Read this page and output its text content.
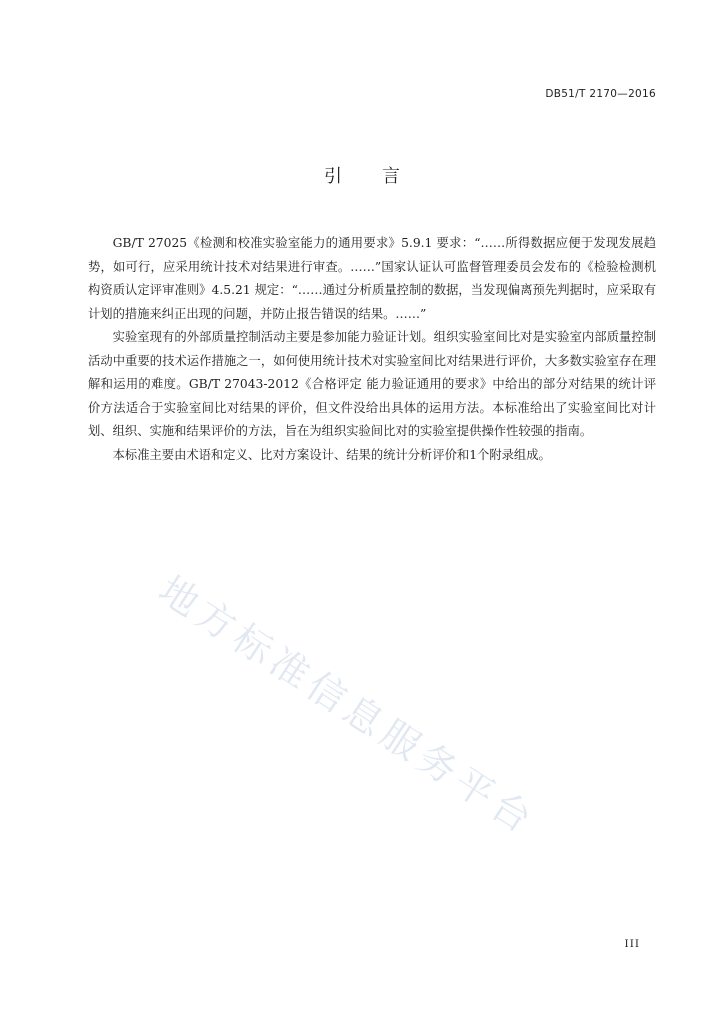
DB51/T 2170—2016
引 言

GB/T 27025《检测和校准实验室能力的通用要求》5.9.1 要求：“……所得数据应便于发现发展趋势，如可行，应采用统计技术对结果进行审查。……”国家认证认可监督管理委员会发布的《检验检测机构资质认定评审准则》4.5.21 规定：“……通过分析质量控制的数据，当发现偏离预先判据时，应采取有计划的措施来纠正出现的问题，并防止报告错误的结果。……”

实验室现有的外部质量控制活动主要是参加能力验证计划。组织实验室间比对是实验室内部质量控制活动中重要的技术运作措施之一，如何使用统计技术对实验室间比对结果进行评价，大多数实验室存在理解和运用的难度。GB/T 27043-2012《合格评定 能力验证通用的要求》中给出的部分对结果的统计评价方法适合于实验室间比对结果的评价，但文件没给出具体的运用方法。本标准给出了实验室间比对计划、组织、实施和结果评价的方法，旨在为组织实验间比对的实验室提供操作性较强的指南。

本标准主要由术语和定义、比对方案设计、结果的统计分析评价和1个附录组成。

地方标准信息服务平台
III
